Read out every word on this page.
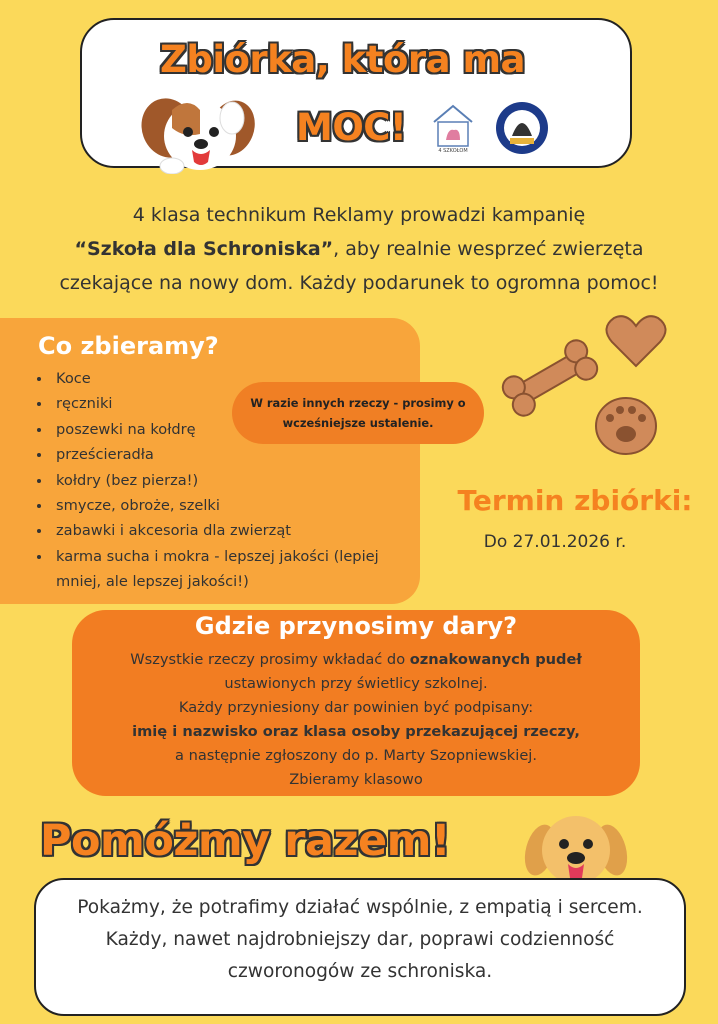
Zbiórka, która ma
MOC!
4 SZKOŁOM
4 klasa technikum Reklamy prowadzi kampanię
“Szkoła dla Schroniska”, aby realnie wesprzeć zwierzęta
czekające na nowy dom. Każdy podarunek to ogromna pomoc!
Co zbieramy?
• Koce
• ręczniki
• poszewki na kołdrę
• prześcieradła
• kołdry (bez pierza!)
• smycze, obroże, szelki
• zabawki i akcesoria dla zwierząt
• karma sucha i mokra - lepszej jakości (lepiej mniej, ale lepszej jakości!)
W razie innych rzeczy - prosimy o wcześniejsze ustalenie.
Termin zbiórki:
Do 27.01.2026 r.
Gdzie przynosimy dary?

Wszystkie rzeczy prosimy wkładać do oznakowanych pudeł

ustawionych przy świetlicy szkolnej.

Każdy przyniesiony dar powinien być podpisany:

imię i nazwisko oraz klasa osoby przekazującej rzeczy,

a następnie zgłoszony do p. Marty Szopniewskiej.

Zbieramy klasowo

Pomóżmy razem!

Pokażmy, że potrafimy działać wspólnie, z empatią i sercem.

Każdy, nawet najdrobniejszy dar, poprawi codzienność

czworonogów ze schroniska.
